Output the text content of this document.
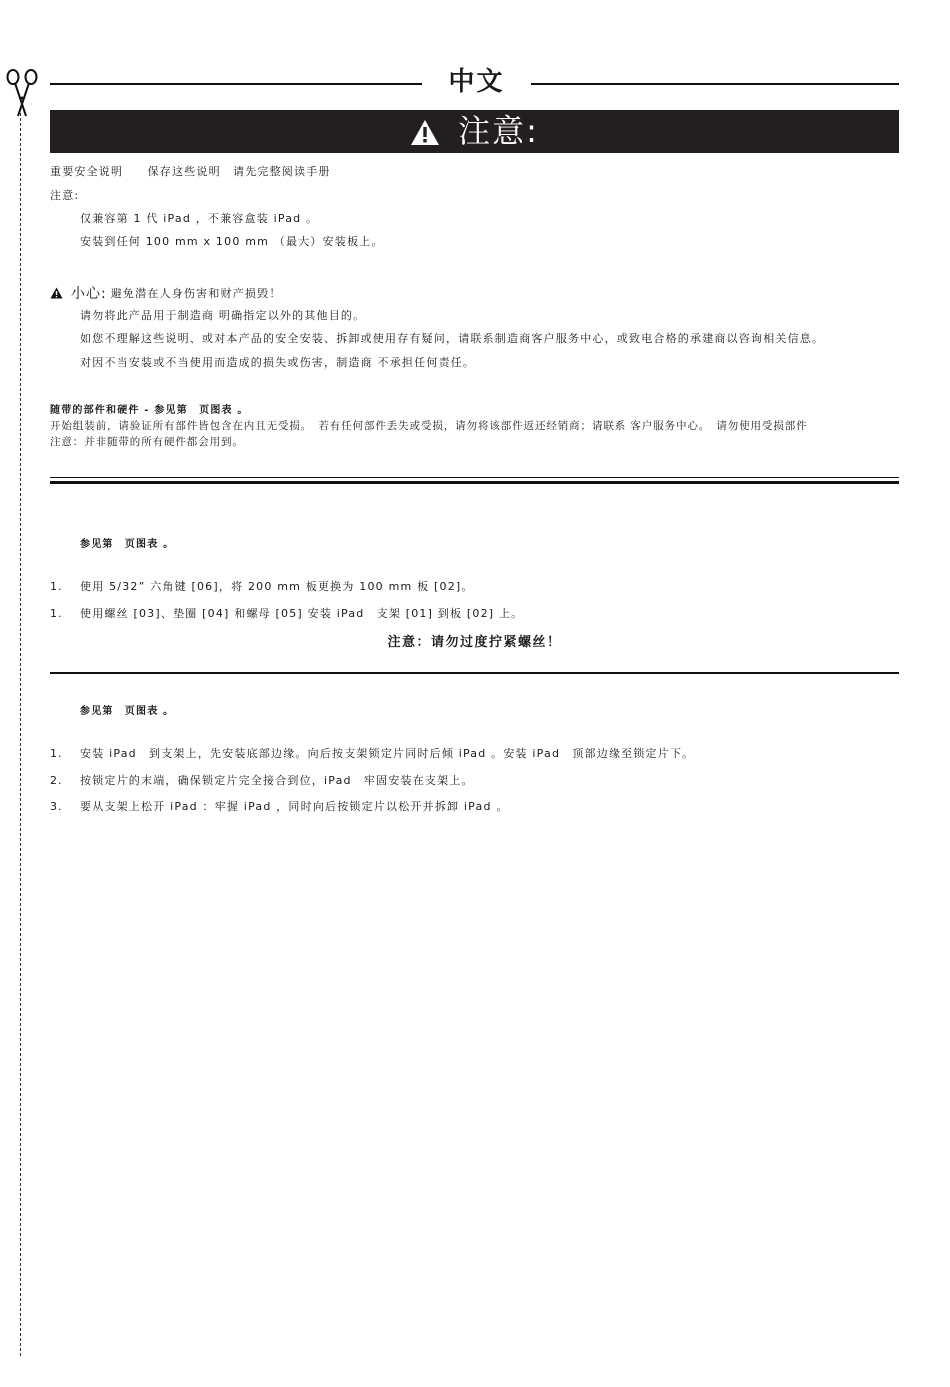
中文
注意:
重要安全说明　　保存这些说明　请先完整阅读手册
注意:
仅兼容第 1 代 iPad ，不兼容盒装 iPad 。
安装到任何 100 mm x 100 mm （最大）安装板上。
小心: 避免潜在人身伤害和财产损毁！
请勿将此产品用于制造商 明确指定以外的其他目的。
如您不理解这些说明、或对本产品的安全安装、拆卸或使用存有疑问，请联系制造商客户服务中心，或致电合格的承建商以咨询相关信息。
对因不当安装或不当使用而造成的损失或伤害，制造商 不承担任何责任。
随带的部件和硬件 - 参见第　页图表 。
开始组装前，请验证所有部件皆包含在内且无受损。　若有任何部件丢失或受损，请勿将该部件返还经销商；请联系 客户服务中心。　请勿使用受损部件
注意：并非随带的所有硬件都会用到。
参见第　页图表 。
1. 使用 5/32” 六角键 [06]，将 200 mm 板更换为 100 mm 板 [02]。
1. 使用螺丝 [03]、垫圈 [04] 和螺母 [05] 安装 iPad　支架 [01] 到板 [02] 上。
注意：请勿过度拧紧螺丝！
参见第　页图表 。
1. 安装 iPad　到支架上，先安装底部边缘。向后按支架锁定片同时后倾 iPad 。安装 iPad　顶部边缘至锁定片下。
2. 按锁定片的末端，确保锁定片完全接合到位，iPad　牢固安装在支架上。
3. 要从支架上松开 iPad ：牢握 iPad ，同时向后按锁定片以松开并拆卸 iPad 。
